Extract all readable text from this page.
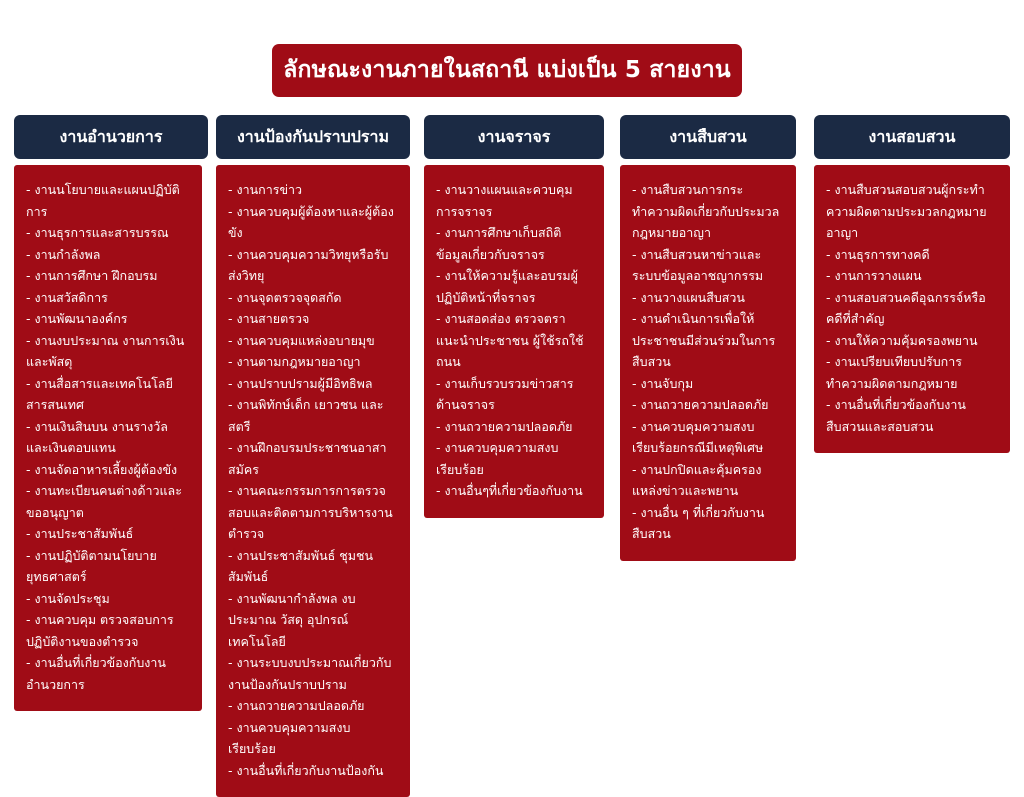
ลักษณะงานภายในสถานี แบ่งเป็น 5 สายงาน
งานอำนวยการ
- งานนโยบายและแผนปฏิบัติการ
- งานธุรการและสารบรรณ
- งานกำลังพล
- งานการศึกษา ฝึกอบรม
- งานสวัสดิการ
- งานพัฒนาองค์กร
- งานงบประมาณ งานการเงินและพัสดุ
- งานสื่อสารและเทคโนโลยีสารสนเทศ
- งานเงินสินบน งานรางวัลและเงินตอบแทน
- งานจัดอาหารเลี้ยงผู้ต้องขัง
- งานทะเบียนคนต่างด้าวและขออนุญาต
- งานประชาสัมพันธ์
- งานปฏิบัติตามนโยบายยุทธศาสตร์
- งานจัดประชุม
- งานควบคุม ตรวจสอบการปฏิบัติงานของตำรวจ
- งานอื่นที่เกี่ยวข้องกับงานอำนวยการ
งานป้องกันปราบปราม
- งานการข่าว
- งานควบคุมผู้ต้องหาและผู้ต้องขัง
- งานควบคุมความวิทยุหรือรับส่งวิทยุ
- งานจุดตรวจจุดสกัด
- งานสายตรวจ
- งานควบคุมแหล่งอบายมุข
- งานตามกฎหมายอาญา
- งานปราบปรามผู้มีอิทธิพล
- งานพิทักษ์เด็ก เยาวชน และสตรี
- งานฝึกอบรมประชาชนอาสาสมัคร
- งานคณะกรรมการการตรวจสอบและติดตามการบริหารงานตำรวจ
- งานประชาสัมพันธ์ ชุมชนสัมพันธ์
- งานพัฒนากำลังพล งบประมาณ วัสดุ อุปกรณ์ เทคโนโลยี
- งานระบบงบประมาณเกี่ยวกับงานป้องกันปราบปราม
- งานถวายความปลอดภัย
- งานควบคุมความสงบเรียบร้อย
- งานอื่นที่เกี่ยวกับงานป้องกัน
งานจราจร
- งานวางแผนและควบคุมการจราจร
- งานการศึกษาเก็บสถิติข้อมูลเกี่ยวกับจราจร
- งานให้ความรู้และอบรมผู้ปฏิบัติหน้าที่จราจร
- งานสอดส่อง ตรวจตราแนะนำประชาชน ผู้ใช้รถใช้ถนน
- งานเก็บรวบรวมข่าวสารด้านจราจร
- งานถวายความปลอดภัย
- งานควบคุมความสงบเรียบร้อย
- งานอื่นๆที่เกี่ยวข้องกับงาน
งานสืบสวน
- งานสืบสวนการกระทำความผิดเกี่ยวกับประมวลกฎหมายอาญา
- งานสืบสวนหาข่าวและระบบข้อมูลอาชญากรรม
- งานวางแผนสืบสวน
- งานดำเนินการเพื่อให้ประชาชนมีส่วนร่วมในการสืบสวน
- งานจับกุม
- งานถวายความปลอดภัย
- งานควบคุมความสงบเรียบร้อยกรณีมีเหตุพิเศษ
- งานปกปิดและคุ้มครองแหล่งข่าวและพยาน
- งานอื่น ๆ ที่เกี่ยวกับงานสืบสวน
งานสอบสวน
- งานสืบสวนสอบสวนผู้กระทำความผิดตามประมวลกฎหมายอาญา
- งานธุรการทางคดี
- งานการวางแผน
- งานสอบสวนคดีอุฉกรรจ์หรือคดีที่สำคัญ
- งานให้ความคุ้มครองพยาน
- งานเปรียบเทียบปรับการทำความผิดตามกฎหมาย
- งานอื่นที่เกี่ยวข้องกับงานสืบสวนและสอบสวน
